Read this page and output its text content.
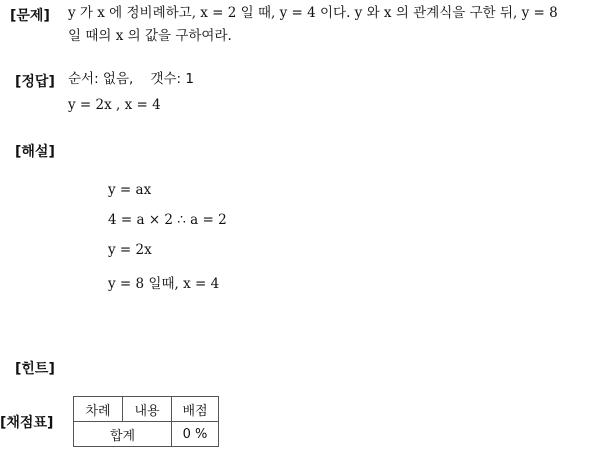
[문제] y 가 x 에 정비례하고, x = 2 일 때, y = 4 이다. y 와 x 의 관계식을 구한 뒤, y = 8
일 때의 x 의 값을 구하여라.
[정답] 순서: 없음,    갯수: 1
y = 2x , x = 4
[해설]
y = ax
4 = a × 2 ∴ a = 2
y = 2x
y = 8 일때, x = 4
[힌트]
[채점표]
차례	내용	배점
합계		0 %
